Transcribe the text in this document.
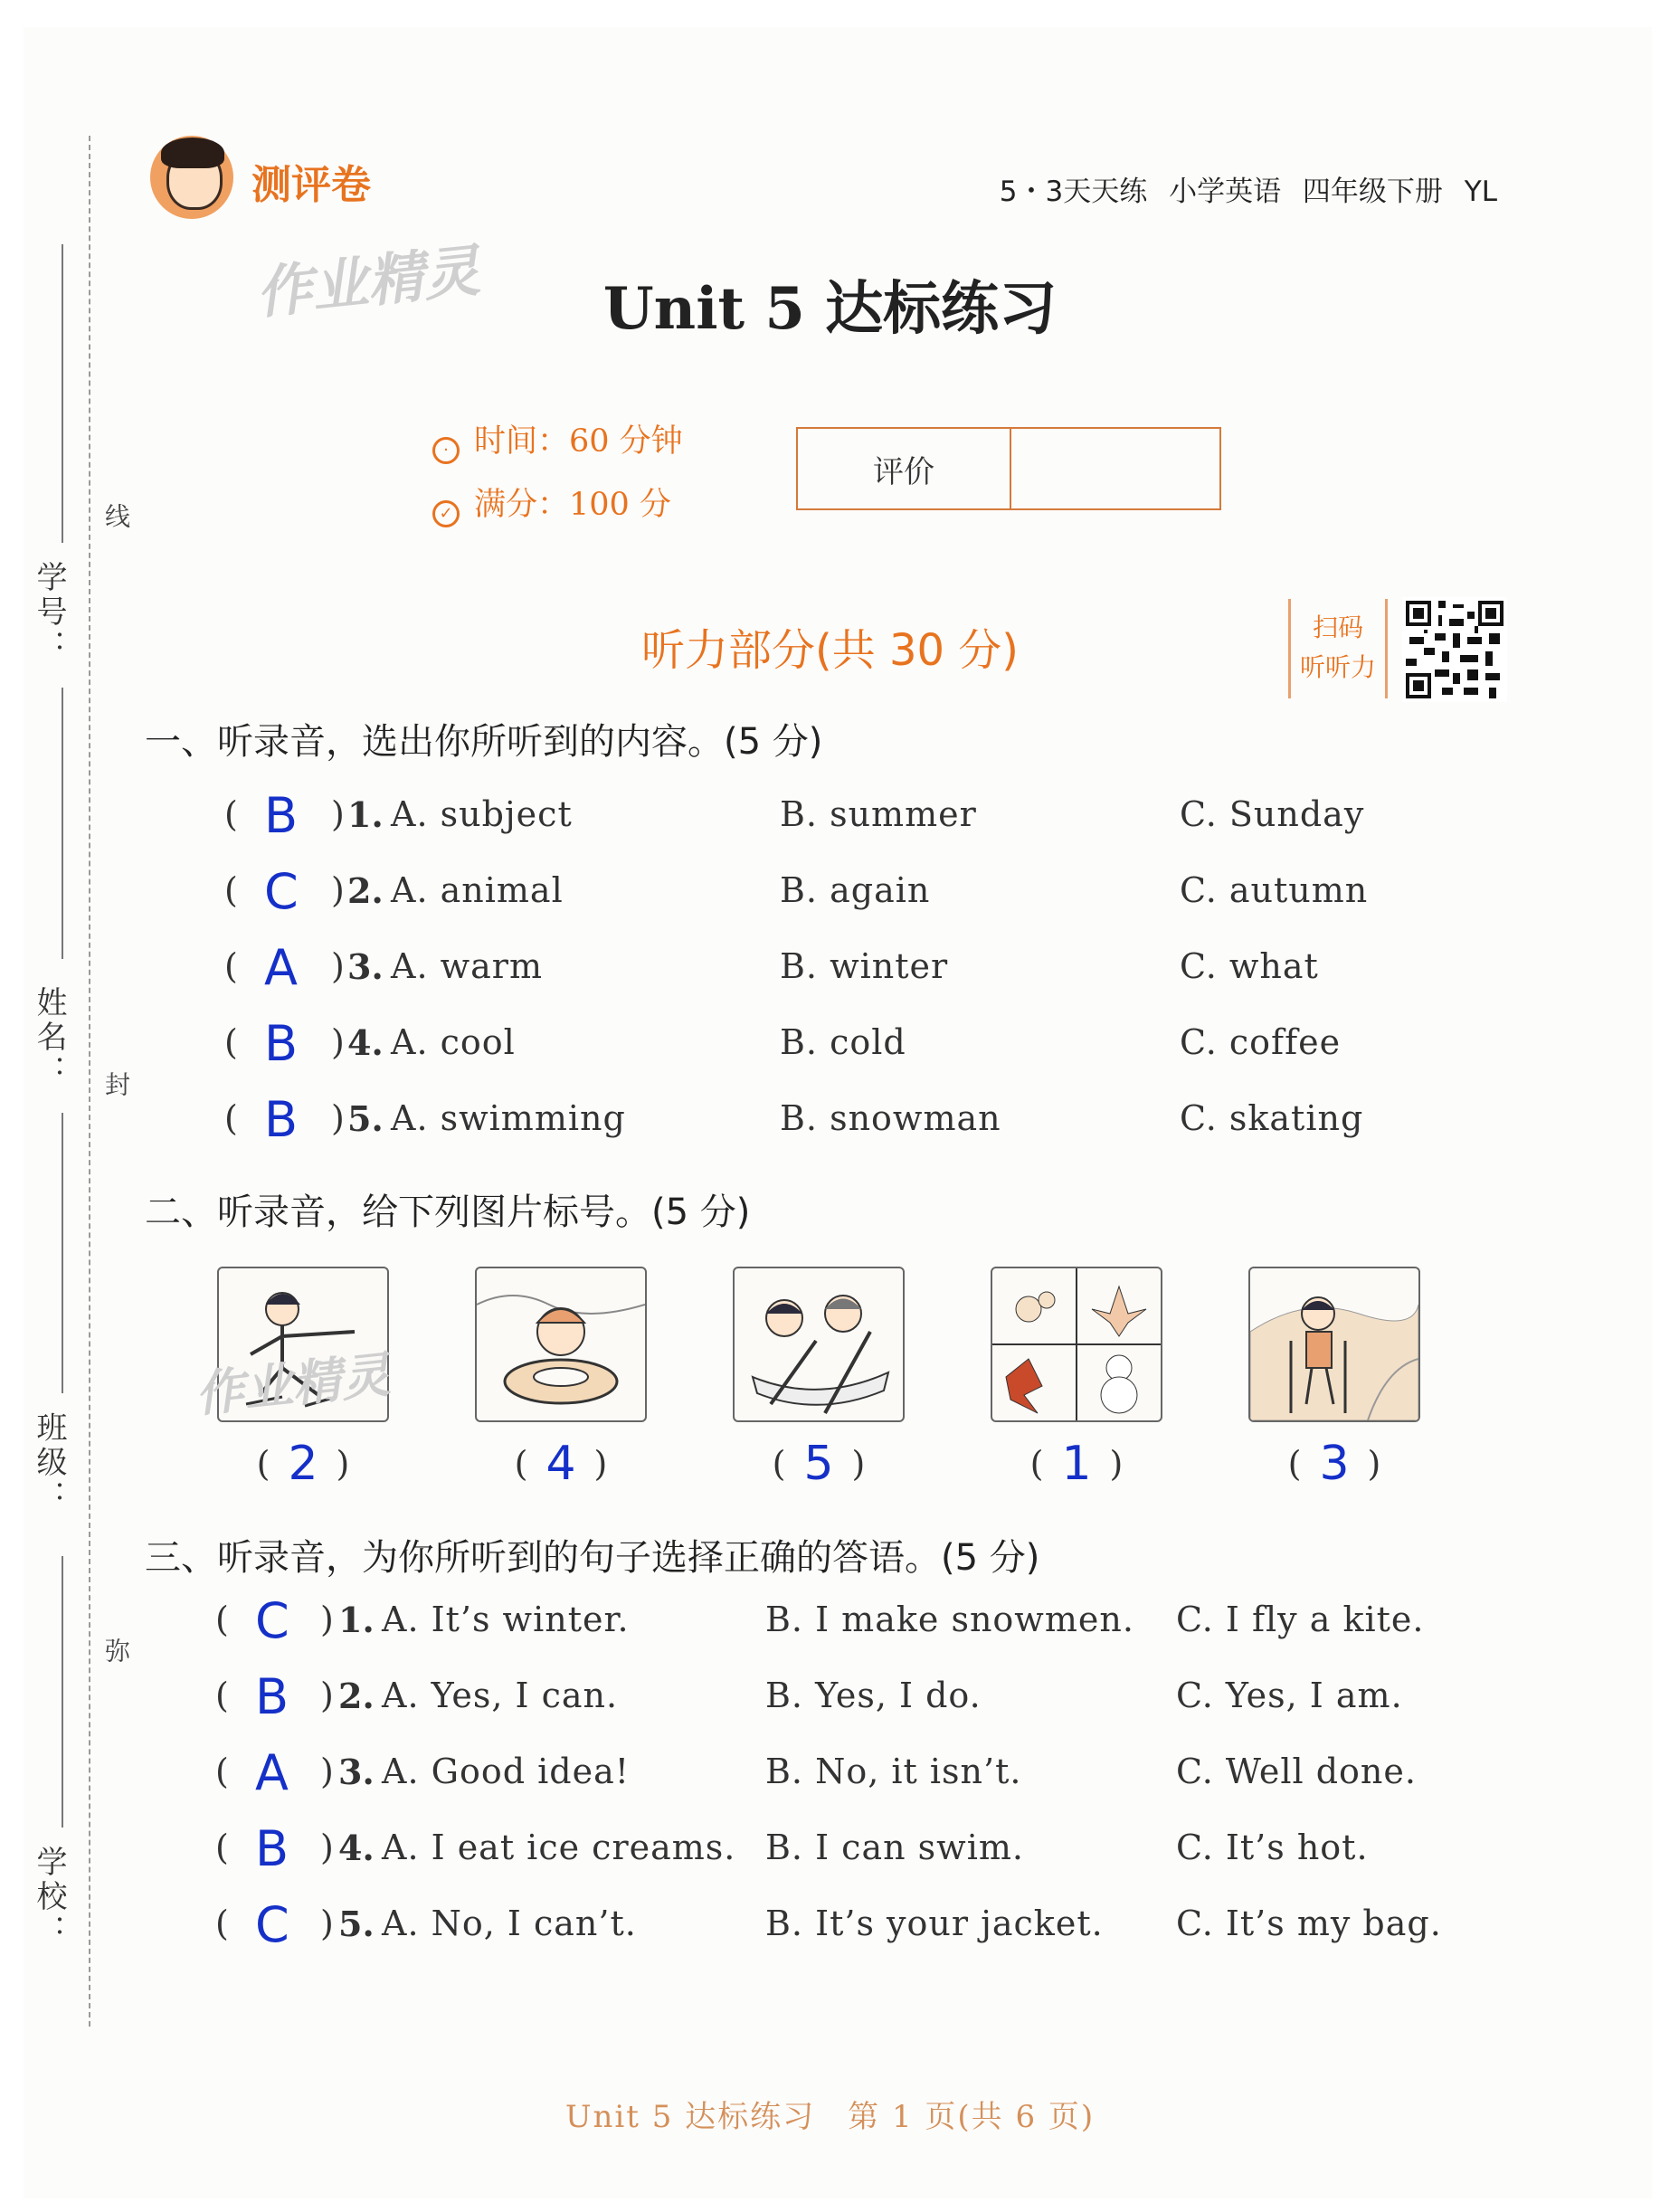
学号：
姓名：
班级：
学校：
线
封
弥
测评卷
作业精灵
5・3天天练 小学英语 四年级下册 YL
Unit 5 达标练习
· 时间：60 分钟
✓ 满分：100 分
评价
听力部分(共 30 分)	扫码
听听力
一、听录音，选出你所听到的内容。(5 分)
( B ) 1. A. subject	B. summer	C. Sunday
( C ) 2. A. animal	B. again	C. autumn
( A ) 3. A. warm	B. winter	C. what
( B ) 4. A. cool	B. cold	C. coffee
( B ) 5. A. swimming	B. snowman	C. skating
二、听录音，给下列图片标号。(5 分)
作业精灵
( 2 )	( 4 )	( 5 )	( 1 )	( 3 )
三、听录音，为你所听到的句子选择正确的答语。(5 分)
( C ) 1. A. It’s winter.	B. I make snowmen. C. I fly a kite.
( B ) 2. A. Yes, I can.	B. Yes, I do.	C. Yes, I am.
( A ) 3. A. Good idea!	B. No, it isn’t.	C. Well done.
( B ) 4. A. I eat ice creams. B. I can swim.	C. It’s hot.
( C ) 5. A. No, I can’t.	B. It’s your jacket. C. It’s my bag.
Unit 5 达标练习　第 1 页(共 6 页)
